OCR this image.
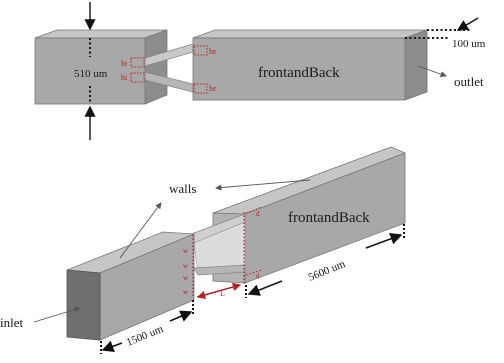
510 um
hi
hi
he
he
frontandBack
100 um
outlet
w
w
w
w
d
d
L
frontandBack
walls
inlet
1500 um
5600 um
